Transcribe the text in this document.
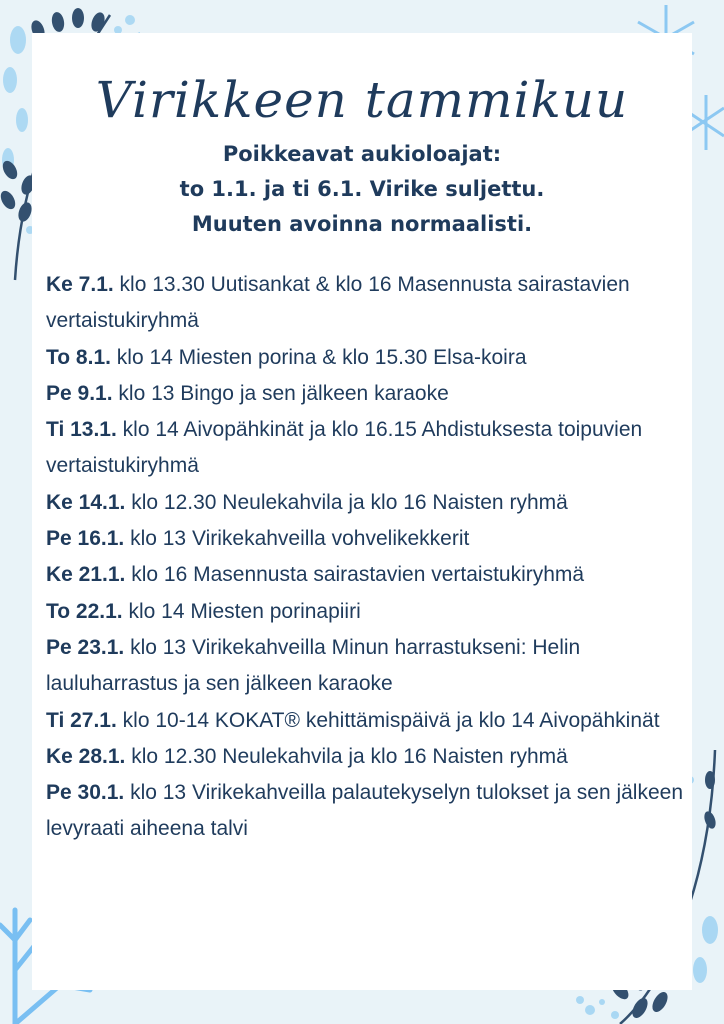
Virikkeen tammikuu
Poikkeavat aukioloajat:
to 1.1. ja ti 6.1. Virike suljettu.
Muuten avoinna normaalisti.

Ke 7.1. klo 13.30 Uutisankat & klo 16 Masennusta sairastavien vertaistukiryhmä

To 8.1. klo 14 Miesten porina & klo 15.30 Elsa-koira

Pe 9.1. klo 13 Bingo ja sen jälkeen karaoke

Ti 13.1. klo 14 Aivopähkinät ja klo 16.15 Ahdistuksesta toipuvien vertaistukiryhmä

Ke 14.1. klo 12.30 Neulekahvila ja klo 16 Naisten ryhmä

Pe 16.1. klo 13 Virikekahveilla vohvelikekkerit

Ke 21.1. klo 16 Masennusta sairastavien vertaistukiryhmä

To 22.1. klo 14 Miesten porinapiiri

Pe 23.1. klo 13 Virikekahveilla Minun harrastukseni: Helin lauluharrastus ja sen jälkeen karaoke

Ti 27.1. klo 10-14 KOKAT® kehittämispäivä ja klo 14 Aivopähkinät

Ke 28.1. klo 12.30 Neulekahvila ja klo 16 Naisten ryhmä

Pe 30.1. klo 13 Virikekahveilla palautekyselyn tulokset ja sen jälkeen levyraati aiheena talvi
